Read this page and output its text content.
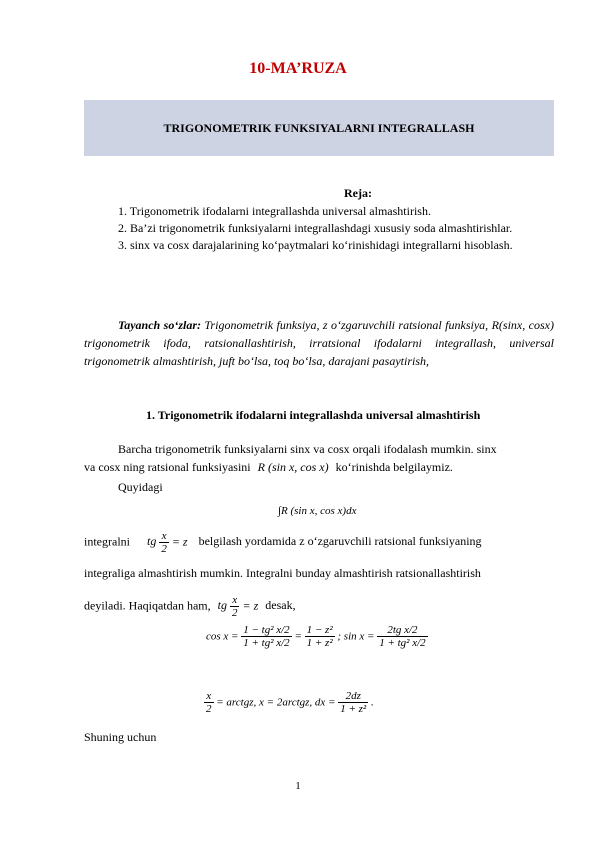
10-MA’RUZA
TRIGONOMETRIK FUNKSIYALARNI INTEGRALLASH
Reja:

1. Trigonometrik ifodalarni integrallashda universal almashtirish.

2. Ba’zi trigonometrik funksiyalarni integrallashdagi xususiy soda almashtirishlar.

3. sinx va cosx darajalarining ko‘paytmalari ko‘rinishidagi integrallarni hisoblash.

Tayanch so‘zlar: Trigonometrik funksiya, z o‘zgaruvchili ratsional funksiya, R(sinx, cosx) trigonometrik ifoda, ratsionallashtirish, irratsional ifodalarni integrallash, universal trigonometrik almashtirish, juft bo‘lsa, toq bo‘lsa, darajani pasaytirish,
1. Trigonometrik ifodalarni integrallashda universal almashtirish
Barcha trigonometrik funksiyalarni sinx va cosx orqali ifodalash mumkin. sinx
va cosx ning ratsional funksiyasini R (sin x, cos x) ko‘rinishda belgilaymiz.
Quyidagi
∫R (sin x, cos x)dx
integralni tg $\frac{x}{2} = z$ belgilash yordamida z o‘zgaruvchili ratsional funksiyaning
integraliga almashtirish mumkin. Integralni bunday almashtirish ratsionallashtirish
deyiladi. Haqiqatdan ham, tg $\frac{x}{2} = z$ desak,
$\cos x = \frac{\text{1 − tg² x/2}}{\text{1 + tg² x/2}} = \frac{\text{1 − z²}}{\text{1 + z²}}$ ; $\sin x = \frac{\text{2tg x/2}}{\text{1 + tg² x/2}}$
$\frac{x}{2}$ = arctgz, x = 2arctgz, dx = $\frac{2dz}{\text{1 + z²}}$ .
Shuning uchun
1
